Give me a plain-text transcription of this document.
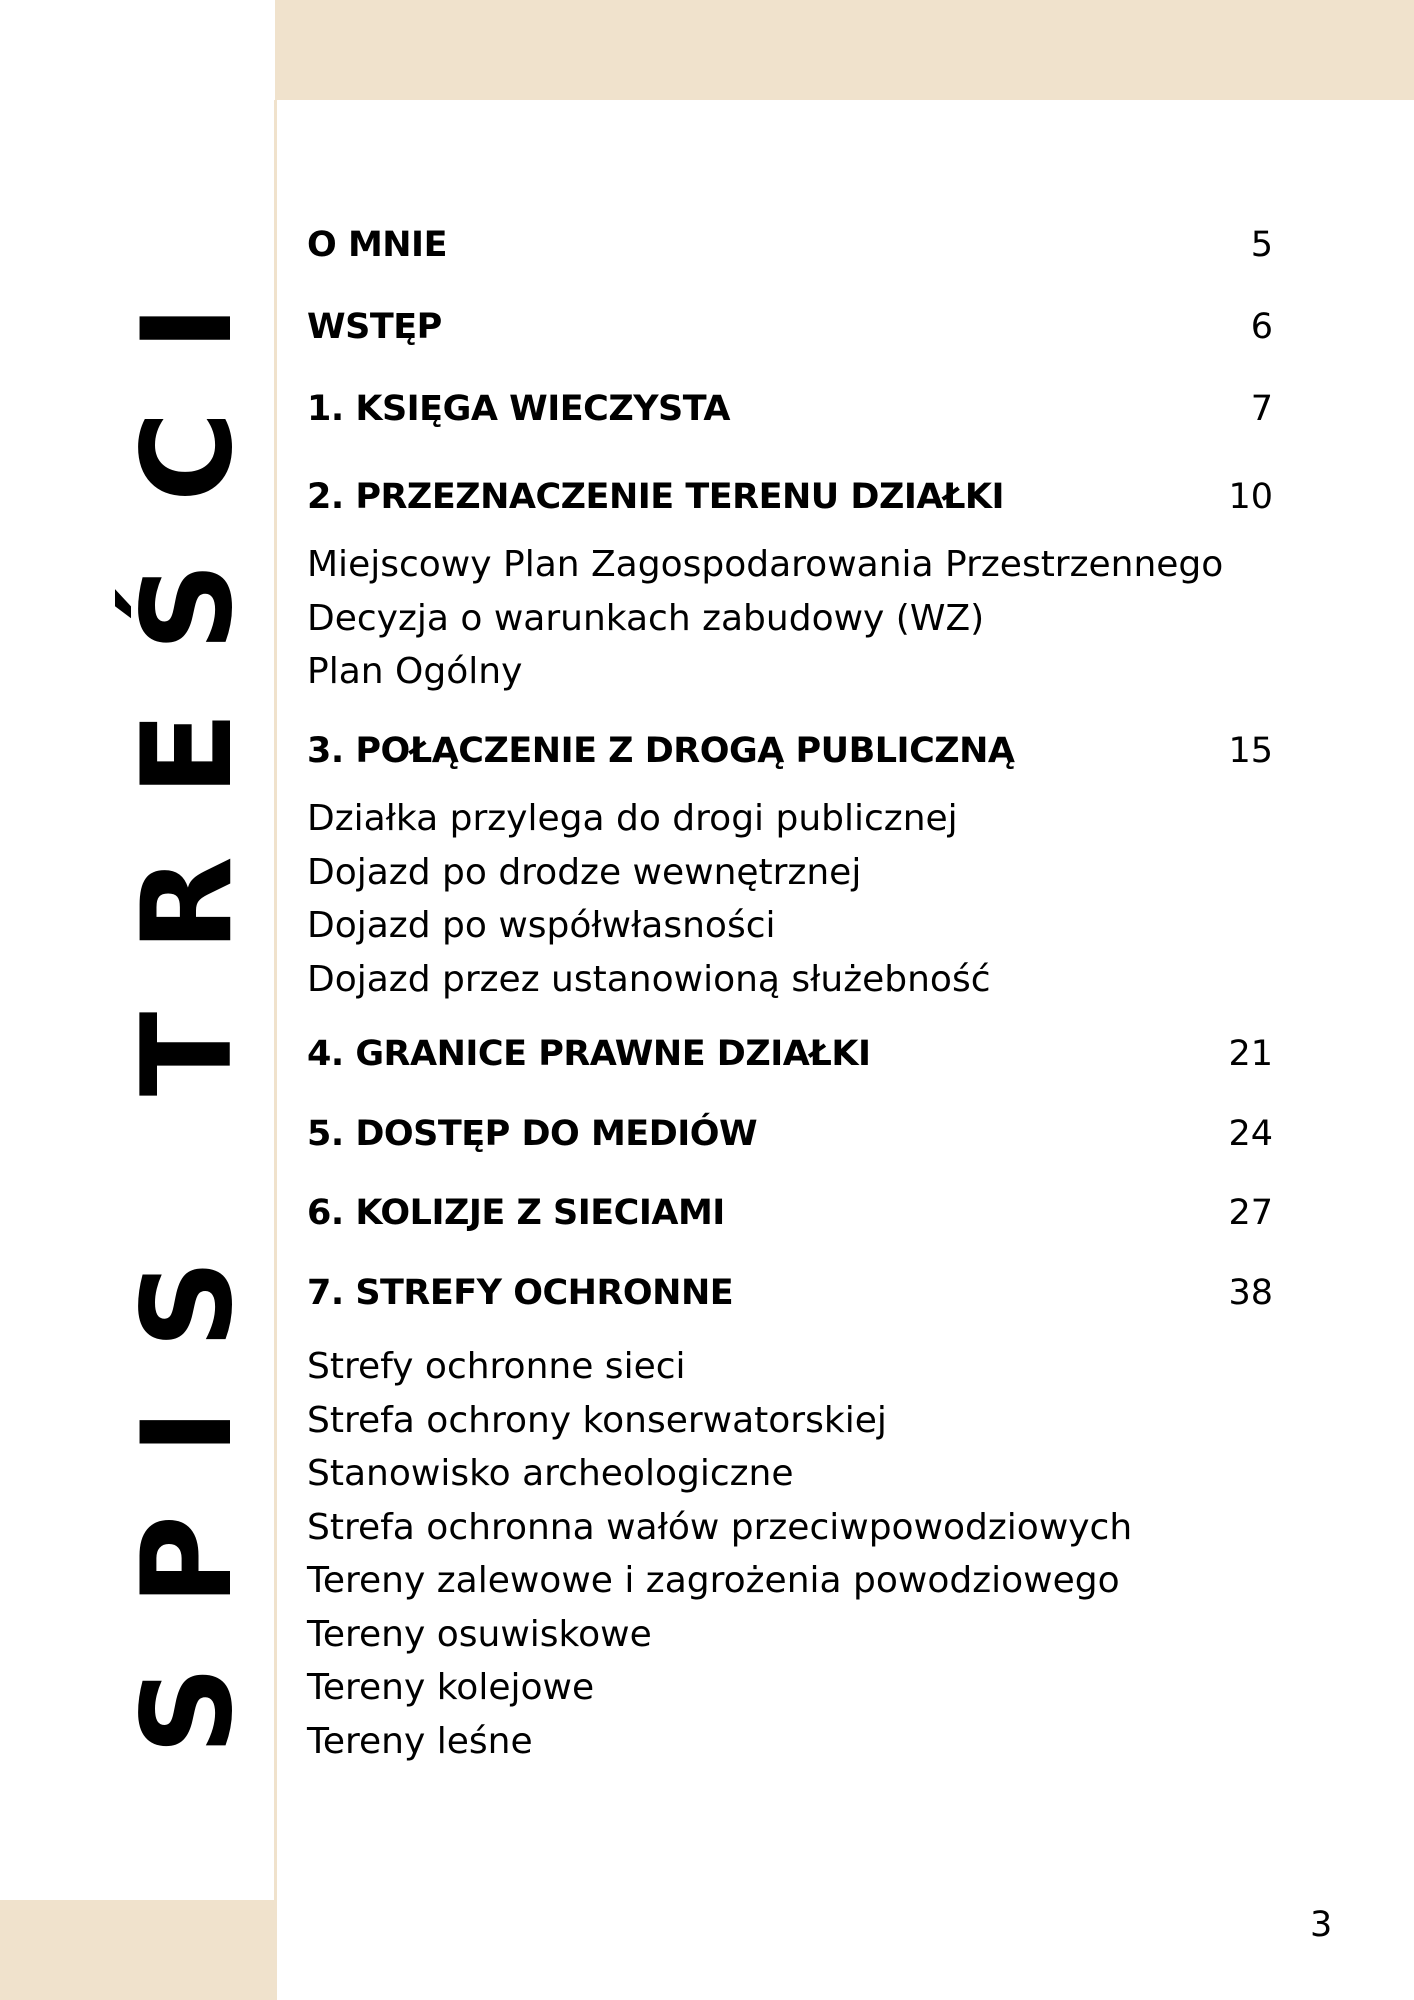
SPIS TREŚCI O MNIE	5
WSTĘP	6
1. KSIĘGA WIECZYSTA	7
2. PRZEZNACZENIE TERENU DZIAŁKI	10
Miejscowy Plan Zagospodarowania Przestrzennego
Decyzja o warunkach zabudowy (WZ)
Plan Ogólny
3. POŁĄCZENIE Z DROGĄ PUBLICZNĄ	15
Działka przylega do drogi publicznej
Dojazd po drodze wewnętrznej
Dojazd po współwłasności
Dojazd przez ustanowioną służebność
4. GRANICE PRAWNE DZIAŁKI	21
5. DOSTĘP DO MEDIÓW	24
6. KOLIZJE Z SIECIAMI	27
7. STREFY OCHRONNE	38
Strefy ochronne sieci
Strefa ochrony konserwatorskiej
Stanowisko archeologiczne
Strefa ochronna wałów przeciwpowodziowych
Tereny zalewowe i zagrożenia powodziowego
Tereny osuwiskowe
Tereny kolejowe
Tereny leśne
3
